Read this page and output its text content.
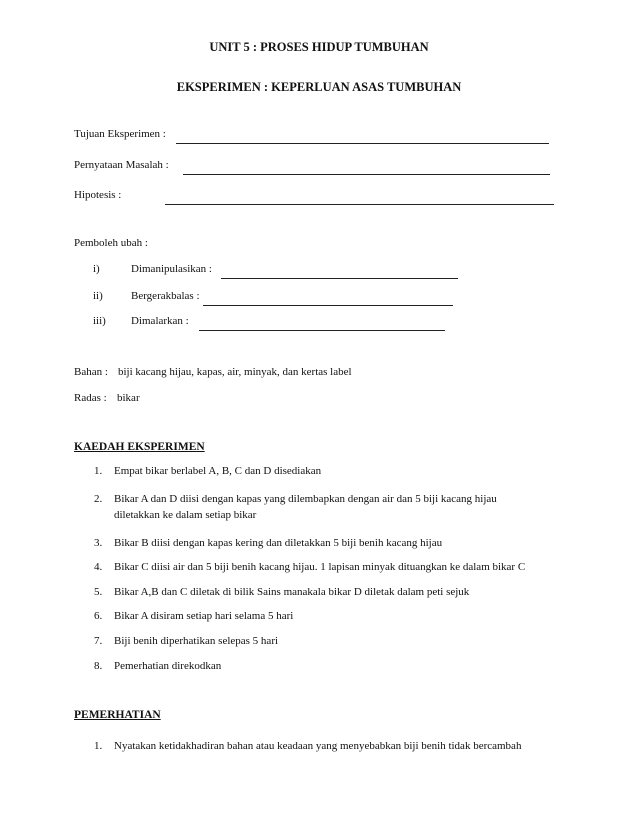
UNIT 5 : PROSES HIDUP TUMBUHAN
EKSPERIMEN : KEPERLUAN ASAS TUMBUHAN
Tujuan Eksperimen :
Pernyataan Masalah :
Hipotesis :
Pemboleh ubah :
i)	Dimanipulasikan :
ii)	Bergerakbalas :
iii) Dimalarkan :
Bahan : biji kacang hijau, kapas, air, minyak, dan kertas label
Radas : bikar
KAEDAH EKSPERIMEN
1. Empat bikar berlabel A, B, C dan D disediakan
2. Bikar A dan D diisi dengan kapas yang dilembapkan dengan air dan 5 biji kacang hijau
diletakkan ke dalam setiap bikar
3. Bikar B diisi dengan kapas kering dan diletakkan 5 biji benih kacang hijau
4. Bikar C diisi air dan 5 biji benih kacang hijau. 1 lapisan minyak dituangkan ke dalam bikar C
5. Bikar A,B dan C diletak di bilik Sains manakala bikar D diletak dalam peti sejuk
6. Bikar A disiram setiap hari selama 5 hari
7. Biji benih diperhatikan selepas 5 hari
8. Pemerhatian direkodkan
PEMERHATIAN
1. Nyatakan ketidakhadiran bahan atau keadaan yang menyebabkan biji benih tidak bercambah
